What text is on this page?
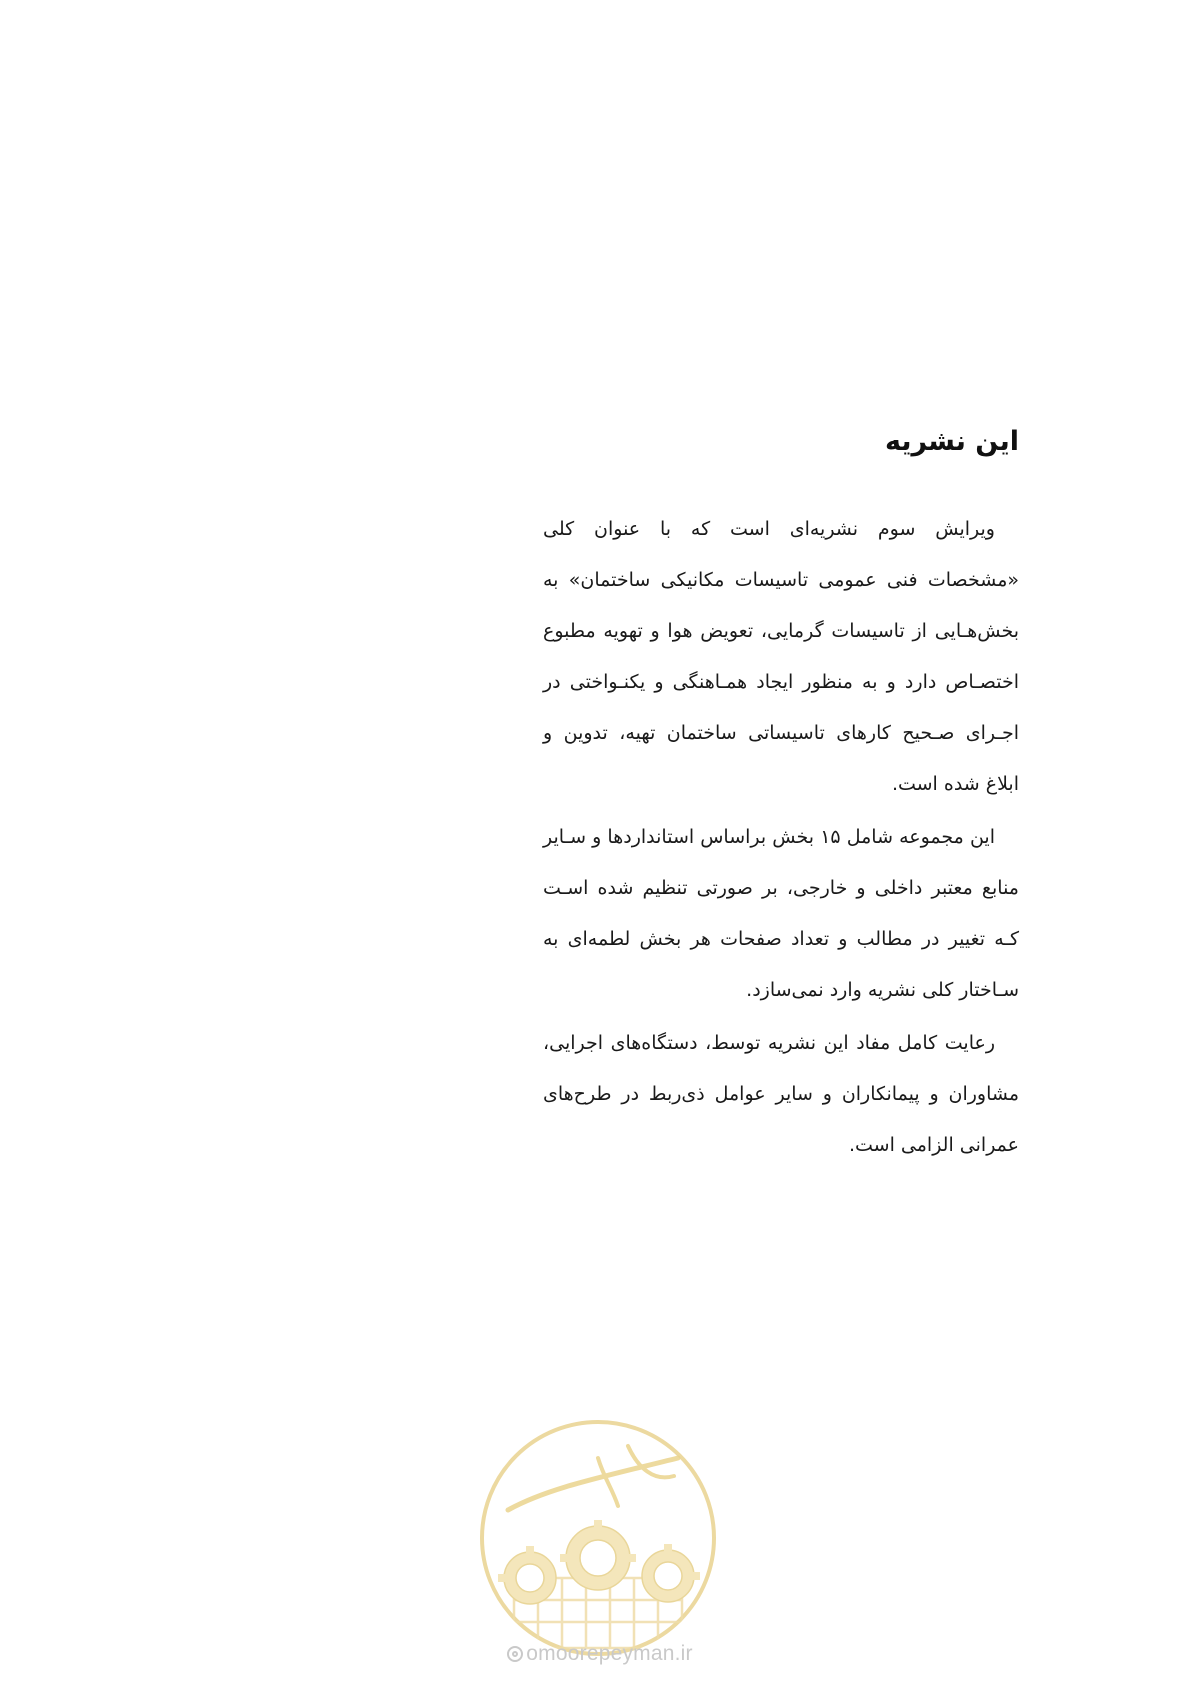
این نشریه

ویرایش سوم نشریه‌ای است که با عنوان کلی «مشخصات فنی عمومی تاسیسات مکانیکی ساختمان» به بخش‌هـایی از تاسیسات گرمایی، تعویض هوا و تهویه مطبوع اختصـاص دارد و به منظور ایجاد همـاهنگی و یکنـواختی در اجـرای صـحیح کارهای تاسیساتی ساختمان تهیه، تدوین و ابلاغ شده است.

این مجموعه شامل ۱۵ بخش براساس استانداردها و سـایر منابع معتبر داخلی و خارجی، بر صورتی تنظیم شده اسـت کـه تغییر در مطالب و تعداد صفحات هر بخش لطمه‌ای به سـاختار کلی نشریه وارد نمی‌سازد.

رعایت کامل مفاد این نشریه توسط، دستگاه‌های اجرایی، مشاوران و پیمانکاران و سایر عوامل ذی‌ربط در طرح‌های عمرانی الزامی است.

omoorepeyman.ir
